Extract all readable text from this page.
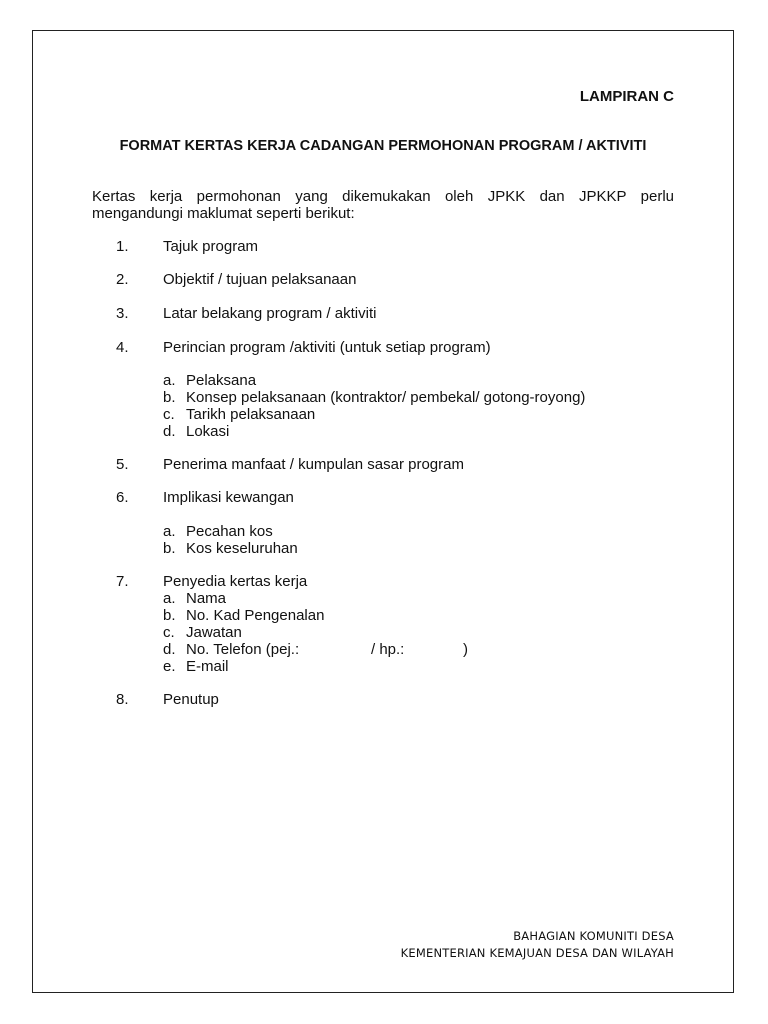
LAMPIRAN C
FORMAT KERTAS KERJA CADANGAN PERMOHONAN PROGRAM / AKTIVITI
Kertas kerja permohonan yang dikemukakan oleh JPKK dan JPKKP perlu
mengandungi maklumat seperti berikut:
1. Tajuk program
2. Objektif / tujuan pelaksanaan
3. Latar belakang program / aktiviti
4. Perincian program /aktiviti (untuk setiap program)
a. Pelaksana
b. Konsep pelaksanaan (kontraktor/ pembekal/ gotong-royong)
c. Tarikh pelaksanaan
d. Lokasi
5. Penerima manfaat / kumpulan sasar program
6. Implikasi kewangan
a. Pecahan kos
b. Kos keseluruhan
7. Penyedia kertas kerja
a. Nama
b. No. Kad Pengenalan
c. Jawatan
d. No. Telefon (pej.:	/ hp.:	)
e. E-mail
8. Penutup
BAHAGIAN KOMUNITI DESA
KEMENTERIAN KEMAJUAN DESA DAN WILAYAH
